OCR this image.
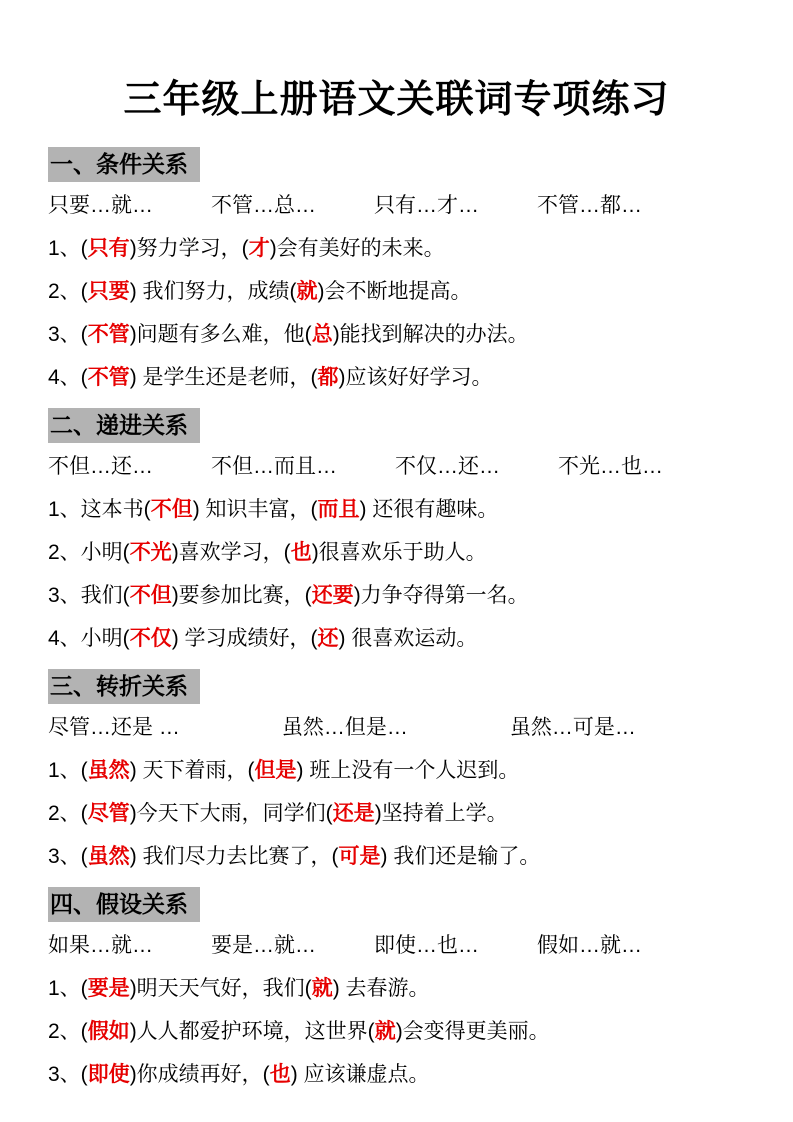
三年级上册语文关联词专项练习
一、条件关系
只要…就…	不管…总…	只有…才…	不管…都…
1、(只有)努力学习，(才)会有美好的未来。
2、(只要) 我们努力，成绩(就)会不断地提高。
3、(不管)问题有多么难，他(总)能找到解决的办法。
4、(不管) 是学生还是老师，(都)应该好好学习。
二、递进关系
不但…还…	不但…而且…	不仅…还…	不光…也…
1、这本书(不但) 知识丰富，(而且) 还很有趣味。
2、小明(不光)喜欢学习，(也)很喜欢乐于助人。
3、我们(不但)要参加比赛，(还要)力争夺得第一名。
4、小明(不仅) 学习成绩好，(还) 很喜欢运动。
三、转折关系
尽管…还是 …	虽然…但是…	虽然…可是…
1、(虽然) 天下着雨，(但是) 班上没有一个人迟到。
2、(尽管)今天下大雨，同学们(还是)坚持着上学。
3、(虽然) 我们尽力去比赛了，(可是) 我们还是输了。
四、假设关系
如果…就…	要是…就…	即使…也…	假如…就…
1、(要是)明天天气好，我们(就) 去春游。
2、(假如)人人都爱护环境，这世界(就)会变得更美丽。
3、(即使)你成绩再好，(也) 应该谦虚点。
